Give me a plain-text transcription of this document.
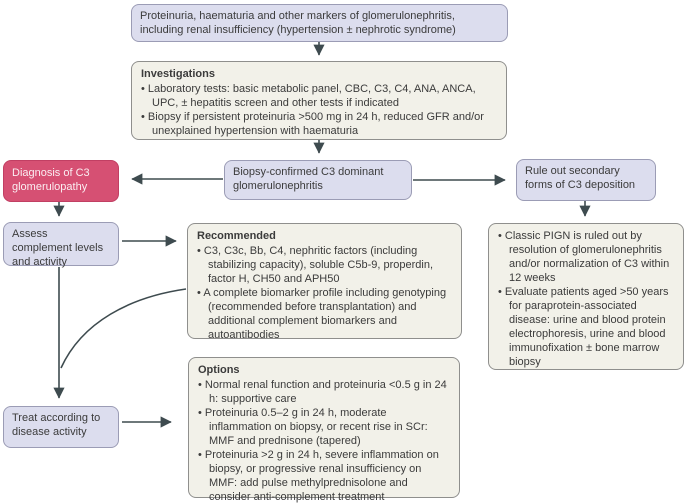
Proteinuria, haematuria and other markers of glomerulonephritis, including renal insufficiency (hypertension ± nephrotic syndrome)
Investigations
• Laboratory tests: basic metabolic panel, CBC, C3, C4, ANA, ANCA, UPC, ± hepatitis screen and other tests if indicated
• Biopsy if persistent proteinuria >500 mg in 24 h, reduced GFR and/or unexplained hypertension with haematuria
Diagnosis of C3 glomerulopathy
Biopsy-confirmed C3 dominant glomerulonephritis
Rule out secondary forms of C3 deposition
Assess complement levels and activity
Recommended
• C3, C3c, Bb, C4, nephritic factors (including stabilizing capacity), soluble C5b-9, properdin, factor H, CH50 and APH50
• A complete biomarker profile including genotyping (recommended before transplantation) and additional complement biomarkers and autoantibodies
• Classic PIGN is ruled out by resolution of glomerulonephritis and/or normalization of C3 within 12 weeks
• Evaluate patients aged >50 years for paraprotein-associated disease: urine and blood protein electrophoresis, urine and blood immunofixation ± bone marrow biopsy
Options
• Normal renal function and proteinuria <0.5 g in 24 h: supportive care
• Proteinuria 0.5–2 g in 24 h, moderate inflammation on biopsy, or recent rise in SCr: MMF and prednisone (tapered)
• Proteinuria >2 g in 24 h, severe inflammation on biopsy, or progressive renal insufficiency on MMF: add pulse methylprednisolone and consider anti-complement treatment
Treat according to disease activity
